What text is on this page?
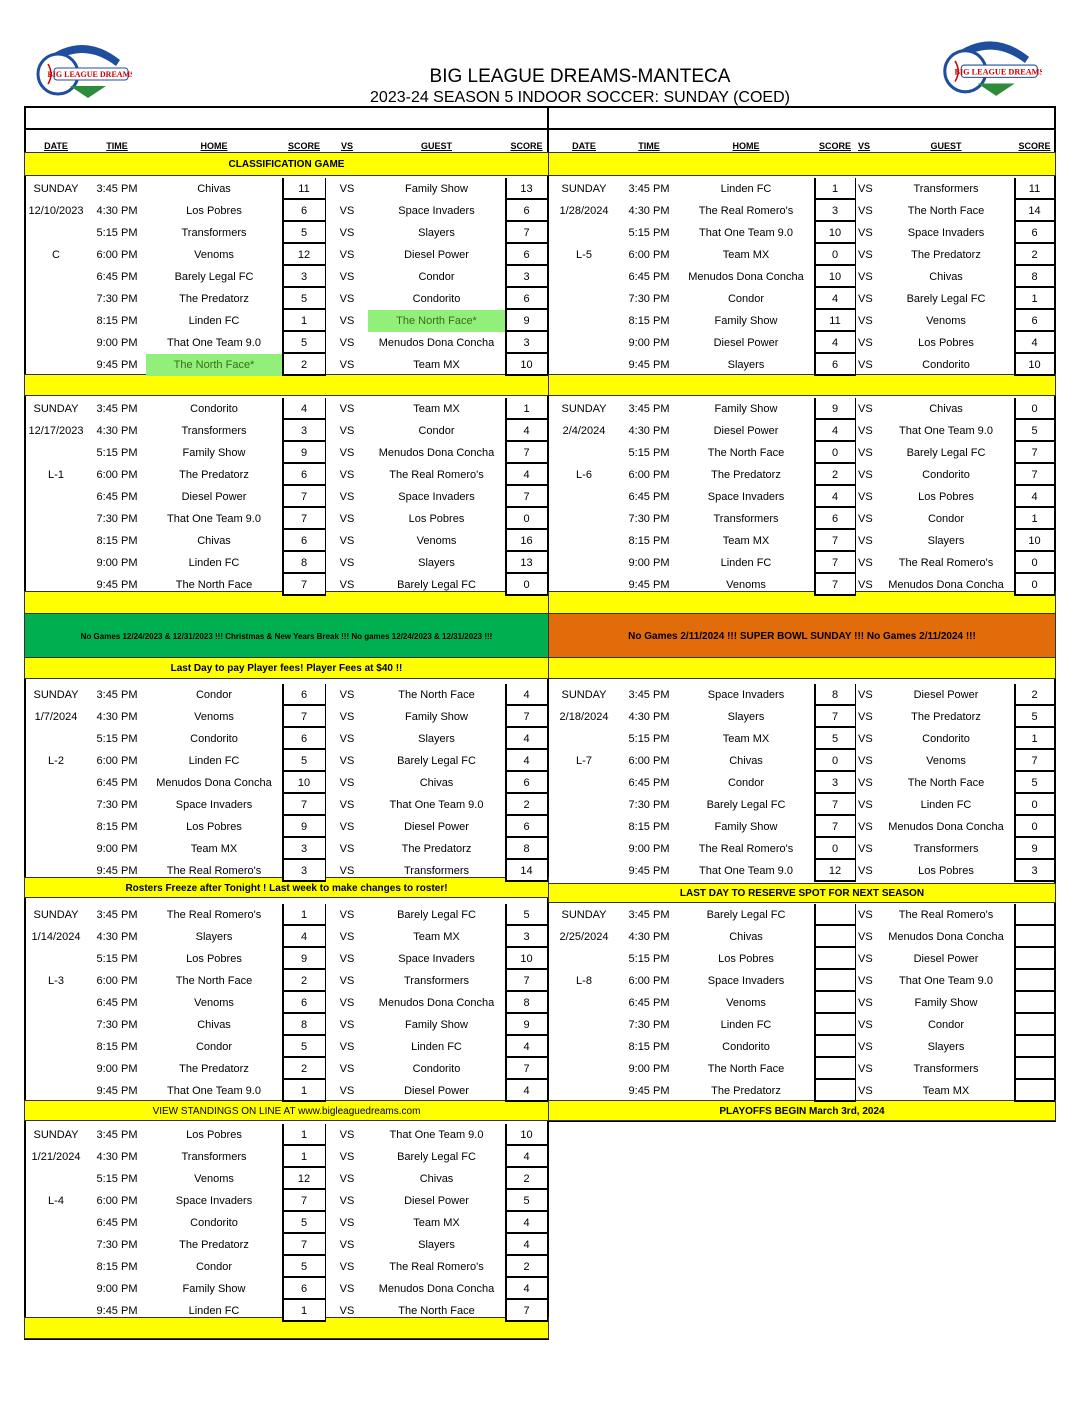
BIG LEAGUE DREAMS	BIG LEAGUE DREAMS
BIG LEAGUE DREAMS-MANTECA
2023-24 SEASON 5 INDOOR SOCCER: SUNDAY (COED)
DATE	TIME	HOME	SCORE	VS	GUEST	SCORE	DATE	TIME	HOME	SCORE VS	GUEST	SCORE
CLASSIFICATION GAME
No Games 12/24/2023 & 12/31/2023 !!! Christmas & New Years Break !!! No games 12/24/2023 & 12/31/2023 !!!	No Games 2/11/2024 !!! SUPER BOWL SUNDAY !!! No Games 2/11/2024 !!!
Last Day to pay Player fees! Player Fees at $40 !!
Rosters Freeze after Tonight ! Last week to make changes to roster!	LAST DAY TO RESERVE SPOT FOR NEXT SEASON
VIEW STANDINGS ON LINE AT www.bigleaguedreams.com	PLAYOFFS BEGIN March 3rd, 2024
SUNDAY
12/10/2023
C
3:45 PM	Chivas	11	VS	Family Show	13
4:30 PM	Los Pobres	6	VS	Space Invaders	6
5:15 PM	Transformers	5	VS	Slayers	7
6:00 PM	Venoms	12	VS	Diesel Power	6
6:45 PM	Barely Legal FC	3	VS	Condor	3
7:30 PM	The Predatorz	5	VS	Condorito	6
8:15 PM	Linden FC	1	VS	The North Face*	9
9:00 PM	That One Team 9.0	5	VS	Menudos Dona Concha	3
9:45 PM	The North Face*	2	VS	Team MX	10
SUNDAY
12/17/2023
L-1
3:45 PM	Condorito	4	VS	Team MX	1
4:30 PM	Transformers	3	VS	Condor	4
5:15 PM	Family Show	9	VS	Menudos Dona Concha	7
6:00 PM	The Predatorz	6	VS	The Real Romero's	4
6:45 PM	Diesel Power	7	VS	Space Invaders	7
7:30 PM	That One Team 9.0	7	VS	Los Pobres	0
8:15 PM	Chivas	6	VS	Venoms	16
9:00 PM	Linden FC	8	VS	Slayers	13
9:45 PM	The North Face	7	VS	Barely Legal FC	0
SUNDAY
1/7/2024
L-2
3:45 PM	Condor	6	VS	The North Face	4
4:30 PM	Venoms	7	VS	Family Show	7
5:15 PM	Condorito	6	VS	Slayers	4
6:00 PM	Linden FC	5	VS	Barely Legal FC	4
6:45 PM	Menudos Dona Concha	10	VS	Chivas	6
7:30 PM	Space Invaders	7	VS	That One Team 9.0	2
8:15 PM	Los Pobres	9	VS	Diesel Power	6
9:00 PM	Team MX	3	VS	The Predatorz	8
9:45 PM	The Real Romero's	3	VS	Transformers	14
SUNDAY
1/14/2024
L-3
3:45 PM	The Real Romero's	1	VS	Barely Legal FC	5
4:30 PM	Slayers	4	VS	Team MX	3
5:15 PM	Los Pobres	9	VS	Space Invaders	10
6:00 PM	The North Face	2	VS	Transformers	7
6:45 PM	Venoms	6	VS	Menudos Dona Concha	8
7:30 PM	Chivas	8	VS	Family Show	9
8:15 PM	Condor	5	VS	Linden FC	4
9:00 PM	The Predatorz	2	VS	Condorito	7
9:45 PM	That One Team 9.0	1	VS	Diesel Power	4
SUNDAY
1/21/2024
L-4
3:45 PM	Los Pobres	1	VS	That One Team 9.0	10
4:30 PM	Transformers	1	VS	Barely Legal FC	4
5:15 PM	Venoms	12	VS	Chivas	2
6:00 PM	Space Invaders	7	VS	Diesel Power	5
6:45 PM	Condorito	5	VS	Team MX	4
7:30 PM	The Predatorz	7	VS	Slayers	4
8:15 PM	Condor	5	VS	The Real Romero's	2
9:00 PM	Family Show	6	VS	Menudos Dona Concha	4
9:45 PM	Linden FC	1	VS	The North Face	7
SUNDAY
1/28/2024
L-5
3:45 PM	Linden FC	1	VS	Transformers	11
4:30 PM	The Real Romero's	3	VS	The North Face	14
5:15 PM	That One Team 9.0	10	VS	Space Invaders	6
6:00 PM	Team MX	0	VS	The Predatorz	2
6:45 PM	Menudos Dona Concha	10	VS	Chivas	8
7:30 PM	Condor	4	VS	Barely Legal FC	1
8:15 PM	Family Show	11	VS	Venoms	6
9:00 PM	Diesel Power	4	VS	Los Pobres	4
9:45 PM	Slayers	6	VS	Condorito	10
SUNDAY
2/4/2024
L-6
3:45 PM	Family Show	9	VS	Chivas	0
4:30 PM	Diesel Power	4	VS	That One Team 9.0	5
5:15 PM	The North Face	0	VS	Barely Legal FC	7
6:00 PM	The Predatorz	2	VS	Condorito	7
6:45 PM	Space Invaders	4	VS	Los Pobres	4
7:30 PM	Transformers	6	VS	Condor	1
8:15 PM	Team MX	7	VS	Slayers	10
9:00 PM	Linden FC	7	VS	The Real Romero's	0
9:45 PM	Venoms	7	VS	Menudos Dona Concha	0
SUNDAY
2/18/2024
L-7
3:45 PM	Space Invaders	8	VS	Diesel Power	2
4:30 PM	Slayers	7	VS	The Predatorz	5
5:15 PM	Team MX	5	VS	Condorito	1
6:00 PM	Chivas	0	VS	Venoms	7
6:45 PM	Condor	3	VS	The North Face	5
7:30 PM	Barely Legal FC	7	VS	Linden FC	0
8:15 PM	Family Show	7	VS	Menudos Dona Concha	0
9:00 PM	The Real Romero's	0	VS	Transformers	9
9:45 PM	That One Team 9.0	12	VS	Los Pobres	3
SUNDAY
2/25/2024
L-8
3:45 PM	Barely Legal FC	VS	The Real Romero's
4:30 PM	Chivas	VS	Menudos Dona Concha
5:15 PM	Los Pobres	VS	Diesel Power
6:00 PM	Space Invaders	VS	That One Team 9.0
6:45 PM	Venoms	VS	Family Show
7:30 PM	Linden FC	VS	Condor
8:15 PM	Condorito	VS	Slayers
9:00 PM	The North Face	VS	Transformers
9:45 PM	The Predatorz	VS	Team MX
